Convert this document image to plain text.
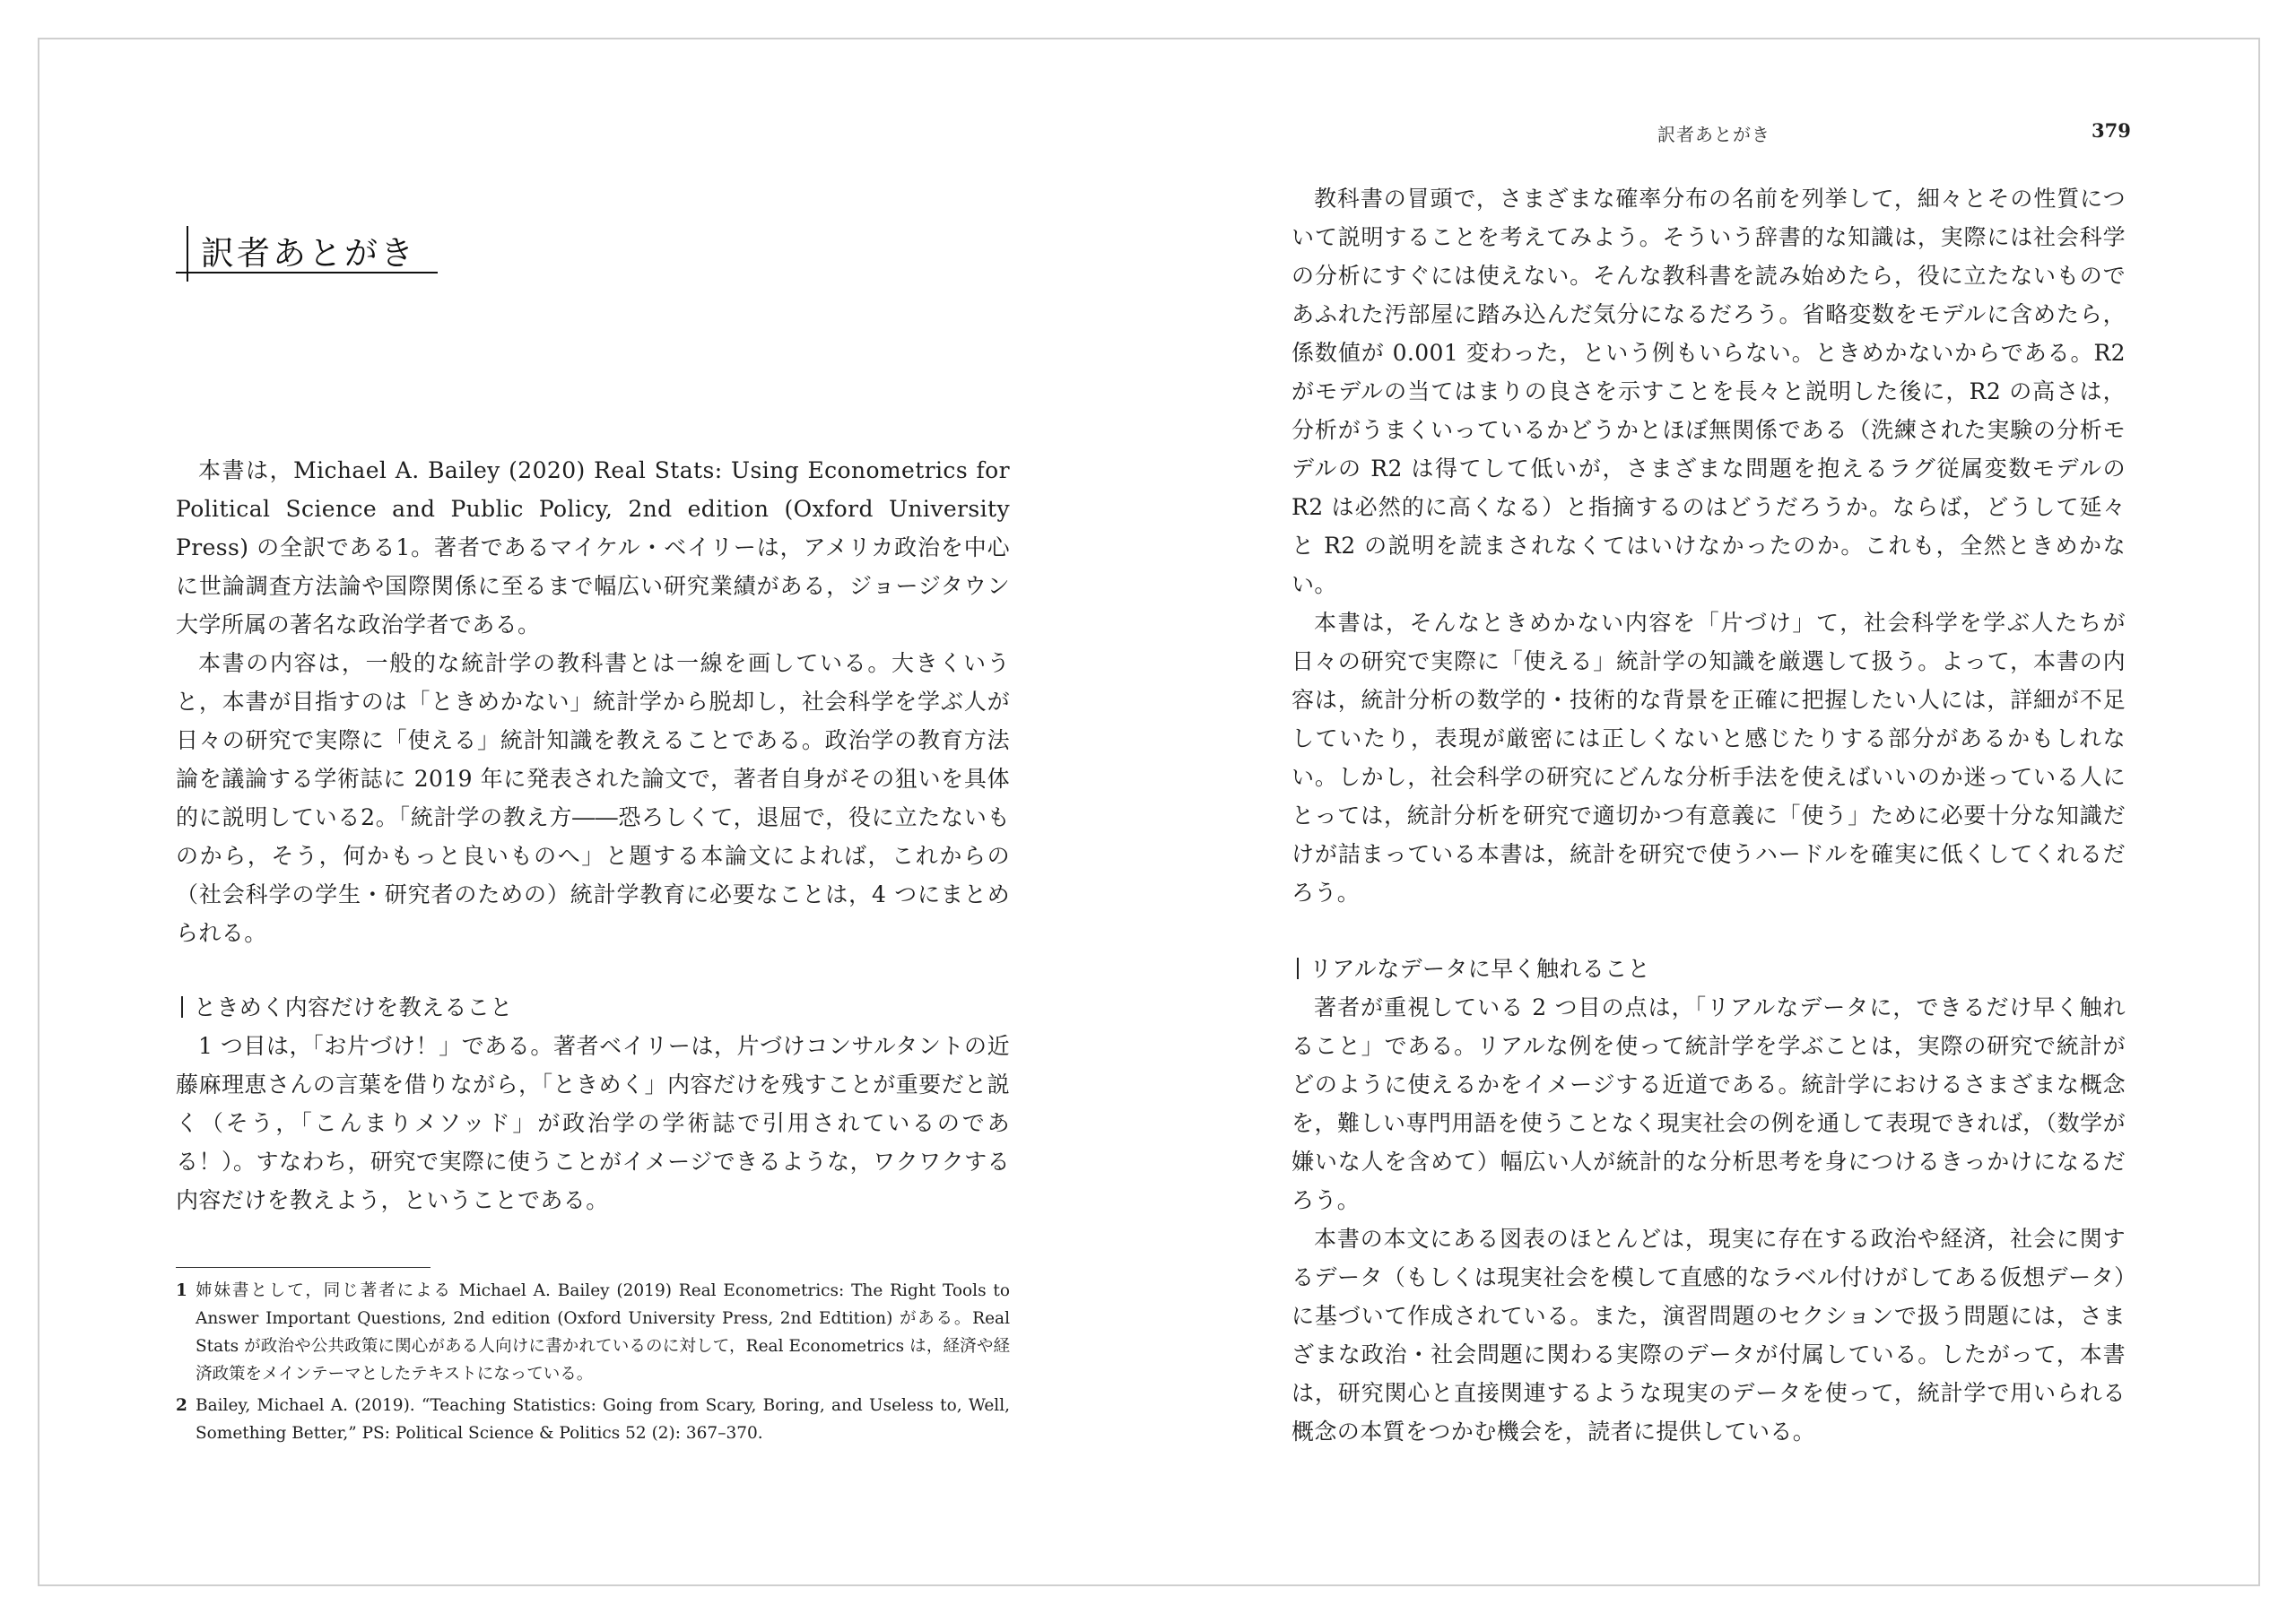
訳者あとがき	379
訳者あとがき

本書は，Michael A. Bailey (2020) Real Stats: Using Econometrics for Political Science and Public Policy, 2nd edition (Oxford University Press) の全訳である1。著者であるマイケル・ベイリーは，アメリカ政治を中心に世論調査方法論や国際関係に至るまで幅広い研究業績がある，ジョージタウン大学所属の著名な政治学者である。

本書の内容は，一般的な統計学の教科書とは一線を画している。大きくいうと，本書が目指すのは「ときめかない」統計学から脱却し，社会科学を学ぶ人が日々の研究で実際に「使える」統計知識を教えることである。政治学の教育方法論を議論する学術誌に 2019 年に発表された論文で，著者自身がその狙いを具体的に説明している2。「統計学の教え方――恐ろしくて，退屈で，役に立たないものから，そう，何かもっと良いものへ」と題する本論文によれば，これからの（社会科学の学生・研究者のための）統計学教育に必要なことは，4 つにまとめられる。

ときめく内容だけを教えること

1 つ目は，「お片づけ！」である。著者ベイリーは，片づけコンサルタントの近藤麻理恵さんの言葉を借りながら，「ときめく」内容だけを残すことが重要だと説く（そう，「こんまりメソッド」が政治学の学術誌で引用されているのである！）。すなわち，研究で実際に使うことがイメージできるような，ワクワクする内容だけを教えよう，ということである。

1 姉妹書として，同じ著者による Michael A. Bailey (2019) Real Econometrics: The Right Tools to Answer Important Questions, 2nd edition (Oxford University Press, 2nd Edtition) がある。Real Stats が政治や公共政策に関心がある人向けに書かれているのに対して，Real Econometrics は，経済や経済政策をメインテーマとしたテキストになっている。
2 Bailey, Michael A. (2019). “Teaching Statistics: Going from Scary, Boring, and Useless to, Well, Something Better,” PS: Political Science & Politics 52 (2): 367–370.

教科書の冒頭で，さまざまな確率分布の名前を列挙して，細々とその性質について説明することを考えてみよう。そういう辞書的な知識は，実際には社会科学の分析にすぐには使えない。そんな教科書を読み始めたら，役に立たないものであふれた汚部屋に踏み込んだ気分になるだろう。省略変数をモデルに含めたら，係数値が 0.001 変わった，という例もいらない。ときめかないからである。R2 がモデルの当てはまりの良さを示すことを長々と説明した後に，R2 の高さは，分析がうまくいっているかどうかとほぼ無関係である（洗練された実験の分析モデルの R2 は得てして低いが，さまざまな問題を抱えるラグ従属変数モデルの R2 は必然的に高くなる）と指摘するのはどうだろうか。ならば，どうして延々と R2 の説明を読まされなくてはいけなかったのか。これも，全然ときめかない。

本書は，そんなときめかない内容を「片づけ」て，社会科学を学ぶ人たちが日々の研究で実際に「使える」統計学の知識を厳選して扱う。よって，本書の内容は，統計分析の数学的・技術的な背景を正確に把握したい人には，詳細が不足していたり，表現が厳密には正しくないと感じたりする部分があるかもしれない。しかし，社会科学の研究にどんな分析手法を使えばいいのか迷っている人にとっては，統計分析を研究で適切かつ有意義に「使う」ために必要十分な知識だけが詰まっている本書は，統計を研究で使うハードルを確実に低くしてくれるだろう。

リアルなデータに早く触れること

著者が重視している 2 つ目の点は，「リアルなデータに，できるだけ早く触れること」である。リアルな例を使って統計学を学ぶことは，実際の研究で統計がどのように使えるかをイメージする近道である。統計学におけるさまざまな概念を，難しい専門用語を使うことなく現実社会の例を通して表現できれば，（数学が嫌いな人を含めて）幅広い人が統計的な分析思考を身につけるきっかけになるだろう。

本書の本文にある図表のほとんどは，現実に存在する政治や経済，社会に関するデータ（もしくは現実社会を模して直感的なラベル付けがしてある仮想データ）に基づいて作成されている。また，演習問題のセクションで扱う問題には，さまざまな政治・社会問題に関わる実際のデータが付属している。したがって，本書は，研究関心と直接関連するような現実のデータを使って，統計学で用いられる概念の本質をつかむ機会を，読者に提供している。
